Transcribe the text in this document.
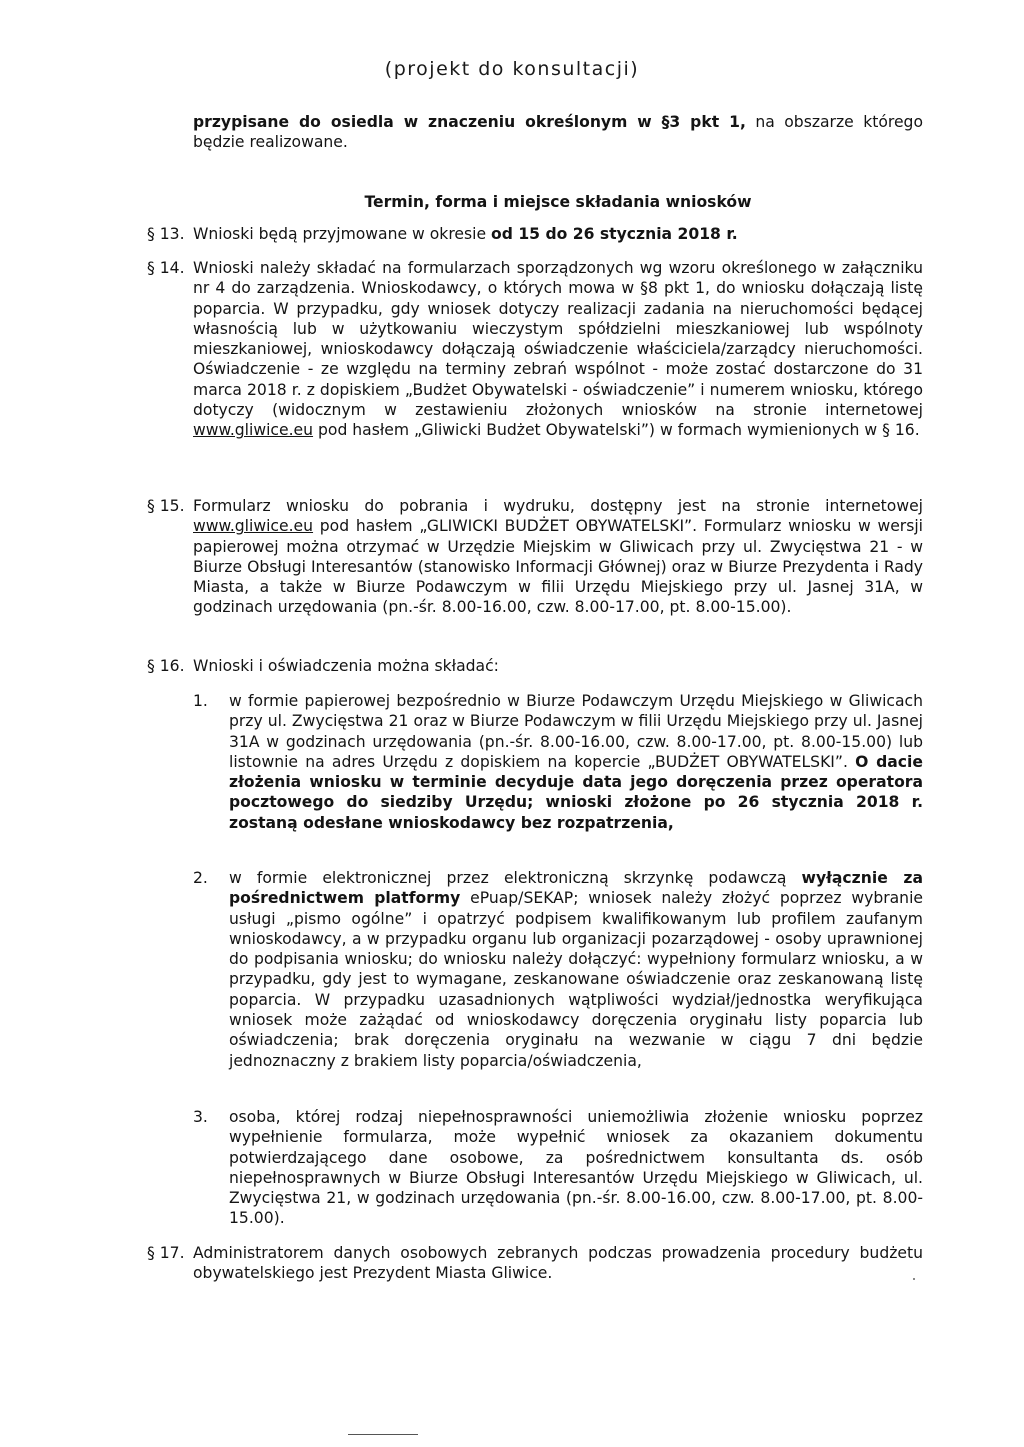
(projekt do konsultacji)
przypisane do osiedla w znaczeniu określonym w §3 pkt 1, na obszarze którego będzie realizowane.
Termin, forma i miejsce składania wniosków
§ 13. Wnioski będą przyjmowane w okresie od 15 do 26 stycznia 2018 r.
§ 14. Wnioski należy składać na formularzach sporządzonych wg wzoru określonego w załączniku nr 4 do zarządzenia. Wnioskodawcy, o których mowa w §8 pkt 1, do wniosku dołączają listę poparcia. W przypadku, gdy wniosek dotyczy realizacji zadania na nieruchomości będącej własnością lub w użytkowaniu wieczystym spółdzielni mieszkaniowej lub wspólnoty mieszkaniowej, wnioskodawcy dołączają oświadczenie właściciela/zarządcy nieruchomości. Oświadczenie - ze względu na terminy zebrań wspólnot - może zostać dostarczone do 31 marca 2018 r. z dopiskiem „Budżet Obywatelski - oświadczenie” i numerem wniosku, którego dotyczy (widocznym w zestawieniu złożonych wniosków na stronie internetowej www.gliwice.eu pod hasłem „Gliwicki Budżet Obywatelski”) w formach wymienionych w § 16.
§ 15. Formularz wniosku do pobrania i wydruku, dostępny jest na stronie internetowej www.gliwice.eu pod hasłem „GLIWICKI BUDŻET OBYWATELSKI”. Formularz wniosku w wersji papierowej można otrzymać w Urzędzie Miejskim w Gliwicach przy ul. Zwycięstwa 21 - w Biurze Obsługi Interesantów (stanowisko Informacji Głównej) oraz w Biurze Prezydenta i Rady Miasta, a także w Biurze Podawczym w filii Urzędu Miejskiego przy ul. Jasnej 31A, w godzinach urzędowania (pn.-śr. 8.00-16.00, czw. 8.00-17.00, pt. 8.00-15.00).
§ 16. Wnioski i oświadczenia można składać:
1.	w formie papierowej bezpośrednio w Biurze Podawczym Urzędu Miejskiego w Gliwicach przy ul. Zwycięstwa 21 oraz w Biurze Podawczym w filii Urzędu Miejskiego przy ul. Jasnej 31A w godzinach urzędowania (pn.-śr. 8.00-16.00, czw. 8.00-17.00, pt. 8.00-15.00) lub listownie na adres Urzędu z dopiskiem na kopercie „BUDŻET OBYWATELSKI”. O dacie złożenia wniosku w terminie decyduje data jego doręczenia przez operatora pocztowego do siedziby Urzędu; wnioski złożone po 26 stycznia 2018 r. zostaną odesłane wnioskodawcy bez rozpatrzenia,
2.	w formie elektronicznej przez elektroniczną skrzynkę podawczą wyłącznie za pośrednictwem platformy ePuap/SEKAP; wniosek należy złożyć poprzez wybranie usługi „pismo ogólne” i opatrzyć podpisem kwalifikowanym lub profilem zaufanym wnioskodawcy, a w przypadku organu lub organizacji pozarządowej - osoby uprawnionej do podpisania wniosku; do wniosku należy dołączyć: wypełniony formularz wniosku, a w przypadku, gdy jest to wymagane, zeskanowane oświadczenie oraz zeskanowaną listę poparcia. W przypadku uzasadnionych wątpliwości wydział/jednostka weryfikująca wniosek może zażądać od wnioskodawcy doręczenia oryginału listy poparcia lub oświadczenia; brak doręczenia oryginału na wezwanie w ciągu 7 dni będzie jednoznaczny z brakiem listy poparcia/oświadczenia,
3.	osoba, której rodzaj niepełnosprawności uniemożliwia złożenie wniosku poprzez wypełnienie formularza, może wypełnić wniosek za okazaniem dokumentu potwierdzającego dane osobowe, za pośrednictwem konsultanta ds. osób niepełnosprawnych w Biurze Obsługi Interesantów Urzędu Miejskiego w Gliwicach, ul. Zwycięstwa 21, w godzinach urzędowania (pn.-śr. 8.00-16.00, czw. 8.00-17.00, pt. 8.00-15.00).
§ 17. Administratorem danych osobowych zebranych podczas prowadzenia procedury budżetu obywatelskiego jest Prezydent Miasta Gliwice.
